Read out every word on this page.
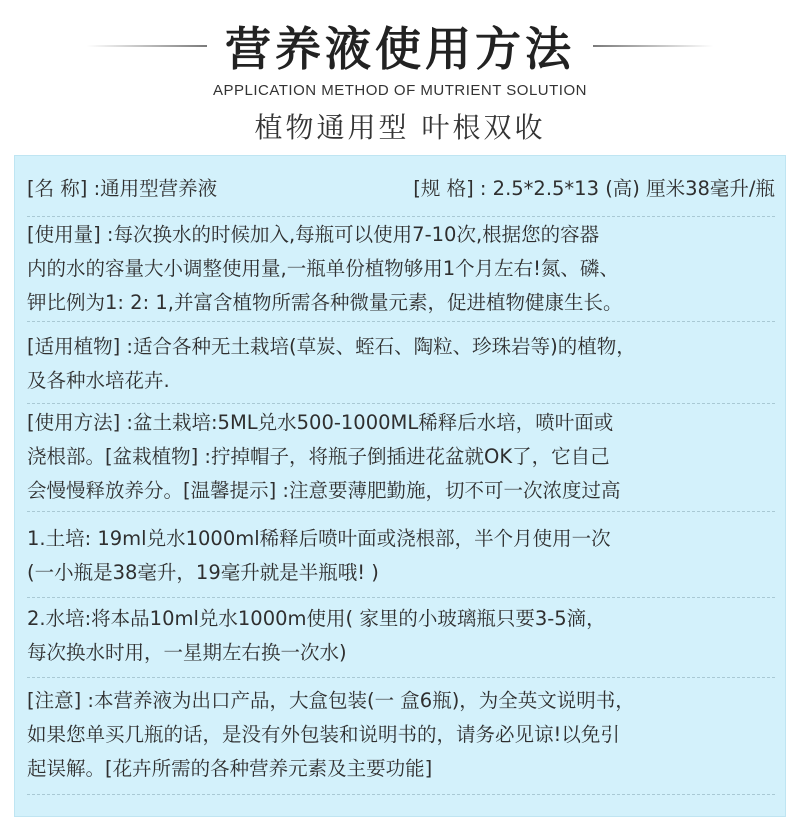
营养液使用方法
APPLICATION METHOD OF MUTRIENT SOLUTION
植物通用型 叶根双收
[名 称] :通用型营养液	[规 格] : 2.5*2.5*13 (高) 厘米38毫升/瓶
[使用量] :每次换水的时候加入,每瓶可以使用7-10次,根据您的容器
内的水的容量大小调整使用量,一瓶单份植物够用1个月左右!氮、磷、
钾比例为1: 2: 1,并富含植物所需各种微量元素，促进植物健康生长。
[适用植物] :适合各种无土栽培(草炭、蛭石、陶粒、珍珠岩等)的植物，
及各种水培花卉.
[使用方法] :盆土栽培:5ML兑水500-1000ML稀释后水培，喷叶面或
浇根部。[盆栽植物] :拧掉帽子，将瓶子倒插进花盆就OK了，它自己
会慢慢释放养分。[温馨提示] :注意要薄肥勤施，切不可一次浓度过高
1.土培: 19ml兑水1000ml稀释后喷叶面或浇根部，半个月使用一次
(一小瓶是38毫升，19毫升就是半瓶哦! )
2.水培:将本品10ml兑水1000m使用( 家里的小玻璃瓶只要3-5滴，
每次换水时用，一星期左右换一次水)
[注意] :本营养液为出口产品，大盒包装(一 盒6瓶)，为全英文说明书，
如果您单买几瓶的话，是没有外包装和说明书的，请务必见谅!以免引
起误解。[花卉所需的各种营养元素及主要功能]
